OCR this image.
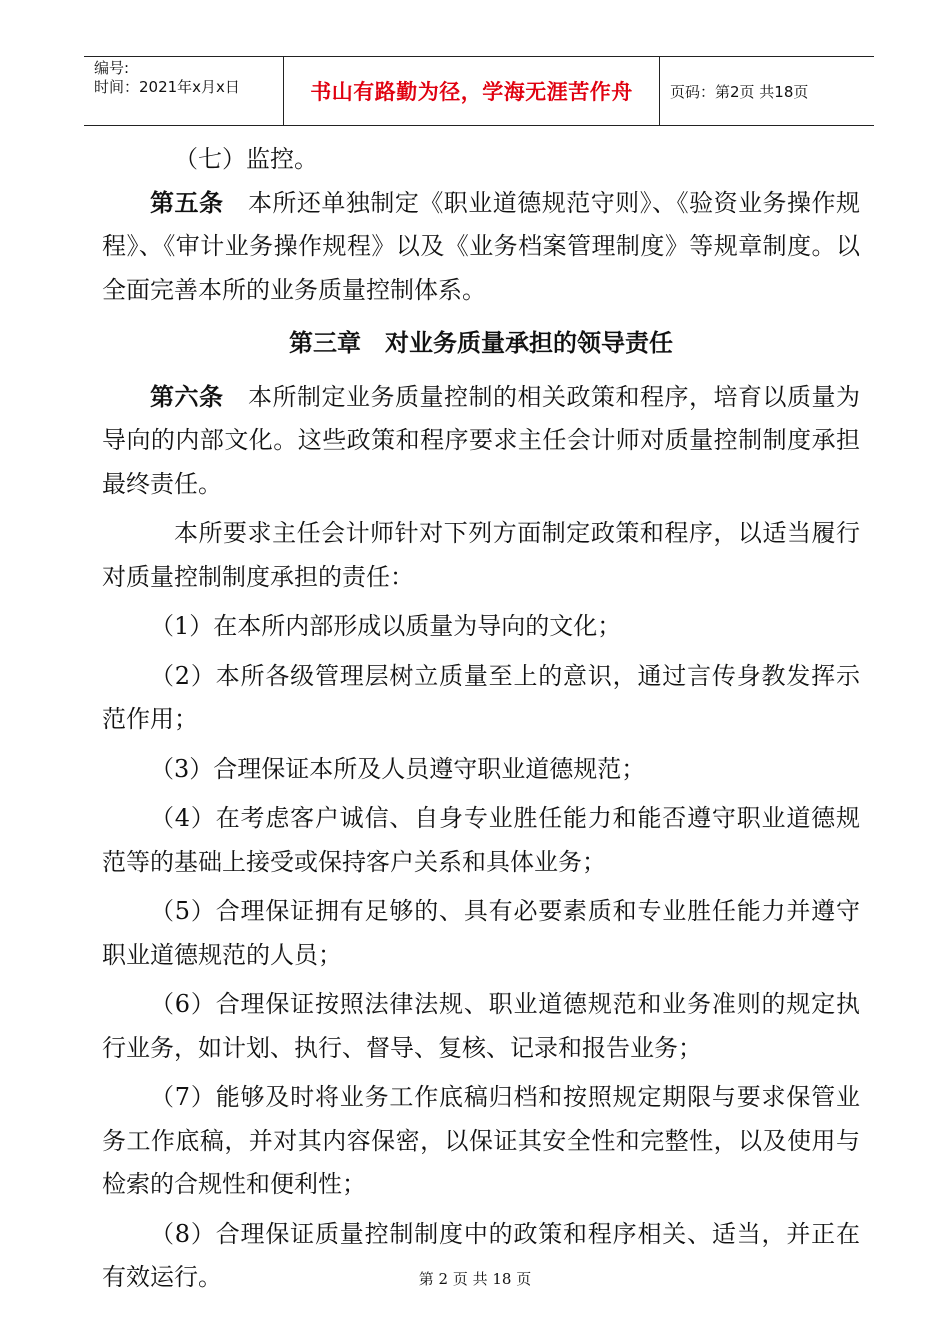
编号:
时间：2021年x月x日	书山有路勤为径，学海无涯苦作舟	页码：第2页 共18页

（七）监控。

第五条　 本所还单独制定《职业道德规范守则》、《验资业务操作规程》、《审计业务操作规程》以及《业务档案管理制度》等规章制度。以全面完善本所的业务质量控制体系。

第三章　对业务质量承担的领导责任

第六条　 本所制定业务质量控制的相关政策和程序，培育以质量为导向的内部文化。这些政策和程序要求主任会计师对质量控制制度承担最终责任。

本所要求主任会计师针对下列方面制定政策和程序，以适当履行对质量控制制度承担的责任：

（1）在本所内部形成以质量为导向的文化；

（2）本所各级管理层树立质量至上的意识，通过言传身教发挥示范作用；

（3）合理保证本所及人员遵守职业道德规范；

（4）在考虑客户诚信、自身专业胜任能力和能否遵守职业道德规范等的基础上接受或保持客户关系和具体业务；

（5）合理保证拥有足够的、具有必要素质和专业胜任能力并遵守职业道德规范的人员；

（6）合理保证按照法律法规、职业道德规范和业务准则的规定执行业务，如计划、执行、督导、复核、记录和报告业务；

（7）能够及时将业务工作底稿归档和按照规定期限与要求保管业务工作底稿，并对其内容保密，以保证其安全性和完整性，以及使用与检索的合规性和便利性；

（8）合理保证质量控制制度中的政策和程序相关、适当，并正在有效运行。	第 2 页 共 18 页
